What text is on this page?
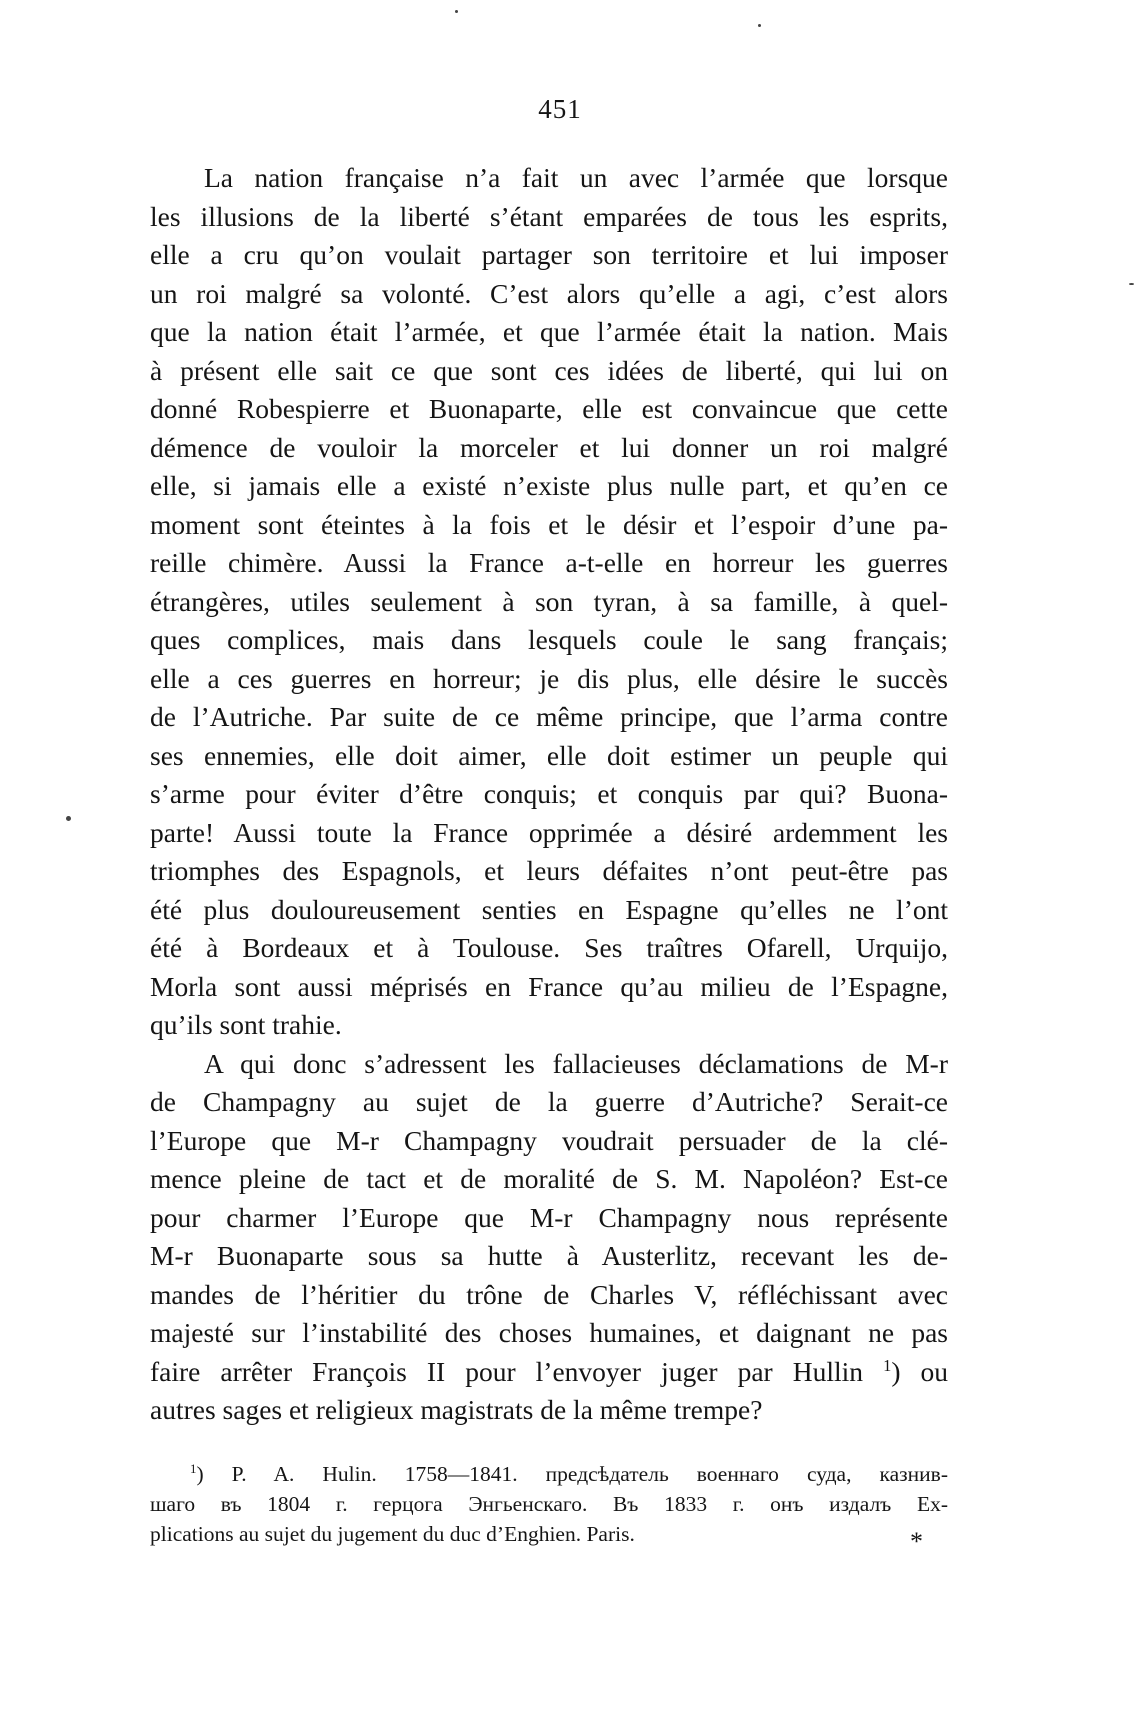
451
La nation française n’a fait un avec l’armée que lorsque
les illusions de la liberté s’étant emparées de tous les esprits,
elle a cru qu’on voulait partager son territoire et lui imposer
un roi malgré sa volonté. C’est alors qu’elle a agi, c’est alors
que la nation était l’armée, et que l’armée était la nation. Mais
à présent elle sait ce que sont ces idées de liberté, qui lui on
donné Robespierre et Buonaparte, elle est convaincue que cette
démence de vouloir la morceler et lui donner un roi malgré
elle, si jamais elle a existé n’existe plus nulle part, et qu’en ce
moment sont éteintes à la fois et le désir et l’espoir d’une pa-
reille chimère. Aussi la France a-t-elle en horreur les guerres
étrangères, utiles seulement à son tyran, à sa famille, à quel-
ques complices, mais dans lesquels coule le sang français;
elle a ces guerres en horreur; je dis plus, elle désire le succès
de l’Autriche. Par suite de ce même principe, que l’arma contre
ses ennemies, elle doit aimer, elle doit estimer un peuple qui
s’arme pour éviter d’être conquis; et conquis par qui? Buona-
parte! Aussi toute la France opprimée a désiré ardemment les
triomphes des Espagnols, et leurs défaites n’ont peut-être pas
été plus douloureusement senties en Espagne qu’elles ne l’ont
été à Bordeaux et à Toulouse. Ses traîtres Ofarell, Urquijo,
Morla sont aussi méprisés en France qu’au milieu de l’Espagne,
qu’ils sont trahie.
A qui donc s’adressent les fallacieuses déclamations de M-r
de Champagny au sujet de la guerre d’Autriche? Serait-ce
l’Europe que M-r Champagny voudrait persuader de la clé-
mence pleine de tact et de moralité de S. M. Napoléon? Est-ce
pour charmer l’Europe que M-r Champagny nous représente
M-r Buonaparte sous sa hutte à Austerlitz, recevant les de-
mandes de l’héritier du trône de Charles V, réfléchissant avec
majesté sur l’instabilité des choses humaines, et daignant ne pas
faire arrêter François II pour l’envoyer juger par Hullin $^1$) ou
autres sages et religieux magistrats de la même trempe?
$^1$) P. A. Hulin. 1758—1841. предсѣдатель военнаго суда, казнив-
шаго въ 1804 г. герцога Энгьенскаго. Въ 1833 г. онъ издалъ Ex-
plications au sujet du jugement du duc d’Enghien. Paris.	*
